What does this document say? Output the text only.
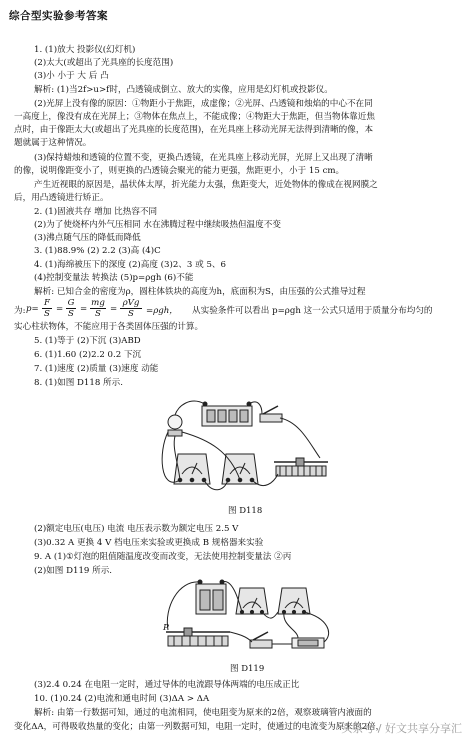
综合型实验参考答案
1. (1)放大 投影仪(幻灯机)
(2)太大(或超出了光具座的长度范围)
(3)小 小于 大 后 凸
解析: (1)当2f>u>f时，凸透镜成倒立、放大的实像，应用是幻灯机或投影仪。
(2)光屏上没有像的原因：①物距小于焦距，成虚像；②光屏、凸透镜和烛焰的中心不在同
一高度上，像没有成在光屏上；③物体在焦点上，不能成像；④物距大于焦距，但当物体靠近焦
点时，由于像距太大(或超出了光具座的长度范围)，在光具座上移动光屏无法得到清晰的像，本
题就属于这种情况。
(3)保持蜡烛和透镜的位置不变，更换凸透镜，在光具座上移动光屏，光屏上又出现了清晰
的像，说明像距变小了，则更换的凸透镜会聚光的能力更强，焦距更小，小于 15 cm。
产生近视眼的原因是，晶状体太厚，折光能力太强，焦距变大，近处物体的像成在视网膜之
后，用凸透镜进行矫正。
2. (1)固液共存 增加 比热容不同
(2)为了使烧杯内外气压相同 水在沸腾过程中继续吸热但温度不变
(3)沸点随气压的降低而降低
3. (1)88.9% (2) 2.2 (3)高 (4)C
4. (1)海绵被压下的深度 (2)高度 (3)2、3 或 5、6
(4)控制变量法 转换法 (5)p=ρgh (6)不能
解析: 已知合金的密度为ρ，圆柱体铁块的高度为h，底面积为S，由压强的公式推导过程
实心柱状物体，不能应用于各类固体压强的计算。
5. (1)等于 (2)下沉 (3)ABD
6. (1)1.60 (2)2.2 0.2 下沉
7. (1)速度 (2)质量 (3)速度 动能
8. (1)如图 D118 所示.
为: p=
F
S =
G
S =
mg
S	=
ρVg
S	=ρgh， 从实验条件可以看出 p=ρgh 这一公式只适用于质量分布均匀的
图 D118
(2)额定电压(电压) 电流 电压表示数为额定电压 2.5 V
(3)0.32 A 更换 4 V 档电压来实验或更换成 B 规格器来实验
9. A (1)①灯泡的阻值随温度改变而改变，无法使用控制变量法 ②丙
(2)如图 D119 所示.
P
图 D119
(3)2.4 0.24 在电阻一定时，通过导体的电流跟导体两端的电压成正比
10. (1)0.24 (2)电流和通电时间 (3)ΔA > ΔA
解析: 由第一行数据可知，通过的电流相同，使电阻变为原来的2倍，观察玻璃管内液面的
变化ΔA，可得吸收热量的变化；由第一列数据可知，电阻一定时，使通过的电流变为原来的2倍，
头条号 / 好文共享分享汇
